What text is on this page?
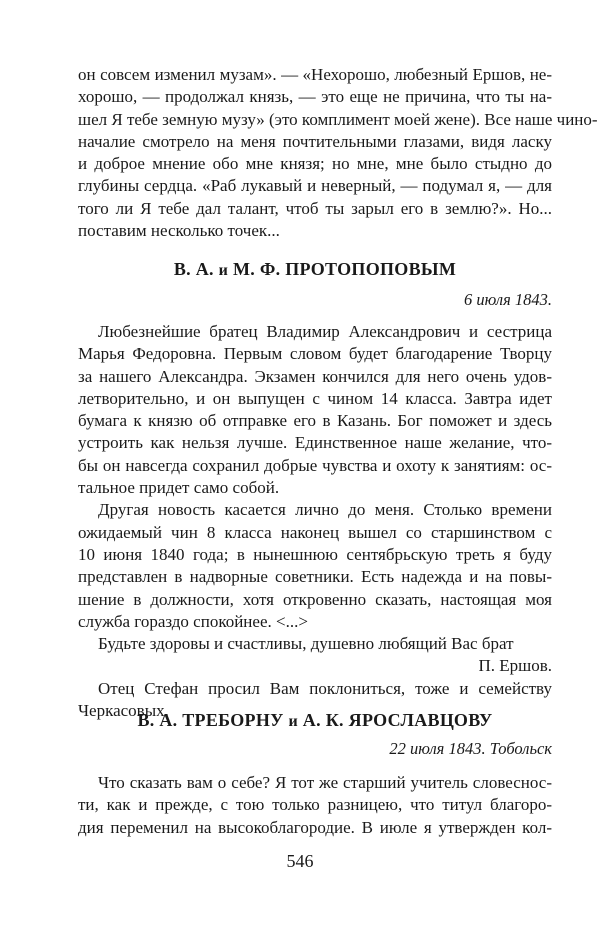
он совсем изменил музам». — «Нехорошо, любезный Ершов, не-
хорошо, — продолжал князь, — это еще не причина, что ты на-
шел Я тебе земную музу» (это комплимент моей жене). Все наше чино-
началие смотрело на меня почтительными глазами, видя ласку
и доброе мнение обо мне князя; но мне, мне было стыдно до
глубины сердца. «Раб лукавый и неверный, — подумал я, — для
того ли Я тебе дал талант, чтоб ты зарыл его в землю?». Но...
поставим несколько точек...
В. А. и М. Ф. ПРОТОПОПОВЫМ
6 июля 1843.
Любезнейшие братец Владимир Александрович и сестрица
Марья Федоровна. Первым словом будет благодарение Творцу
за нашего Александра. Экзамен кончился для него очень удов-
летворительно, и он выпущен с чином 14 класса. Завтра идет
бумага к князю об отправке его в Казань. Бог поможет и здесь
устроить как нельзя лучше. Единственное наше желание, что-
бы он навсегда сохранил добрые чувства и охоту к занятиям: ос-
тальное придет само собой.
Другая новость касается лично до меня. Столько времени
ожидаемый чин 8 класса наконец вышел со старшинством с
10 июня 1840 года; в нынешнюю сентябрьскую треть я буду
представлен в надворные советники. Есть надежда и на повы-
шение в должности, хотя откровенно сказать, настоящая моя
служба гораздо спокойнее. <...>
Будьте здоровы и счастливы, душевно любящий Вас брат
П. Ершов.
Отец Стефан просил Вам поклониться, тоже и семейству
Черкасовых.
В. А. ТРЕБОРНУ и А. К. ЯРОСЛАВЦОВУ
22 июля 1843. Тобольск
Что сказать вам о себе? Я тот же старший учитель словеснос-
ти, как и прежде, с тою только разницею, что титул благоро-
дия переменил на высокоблагородие. В июле я утвержден кол-
546
